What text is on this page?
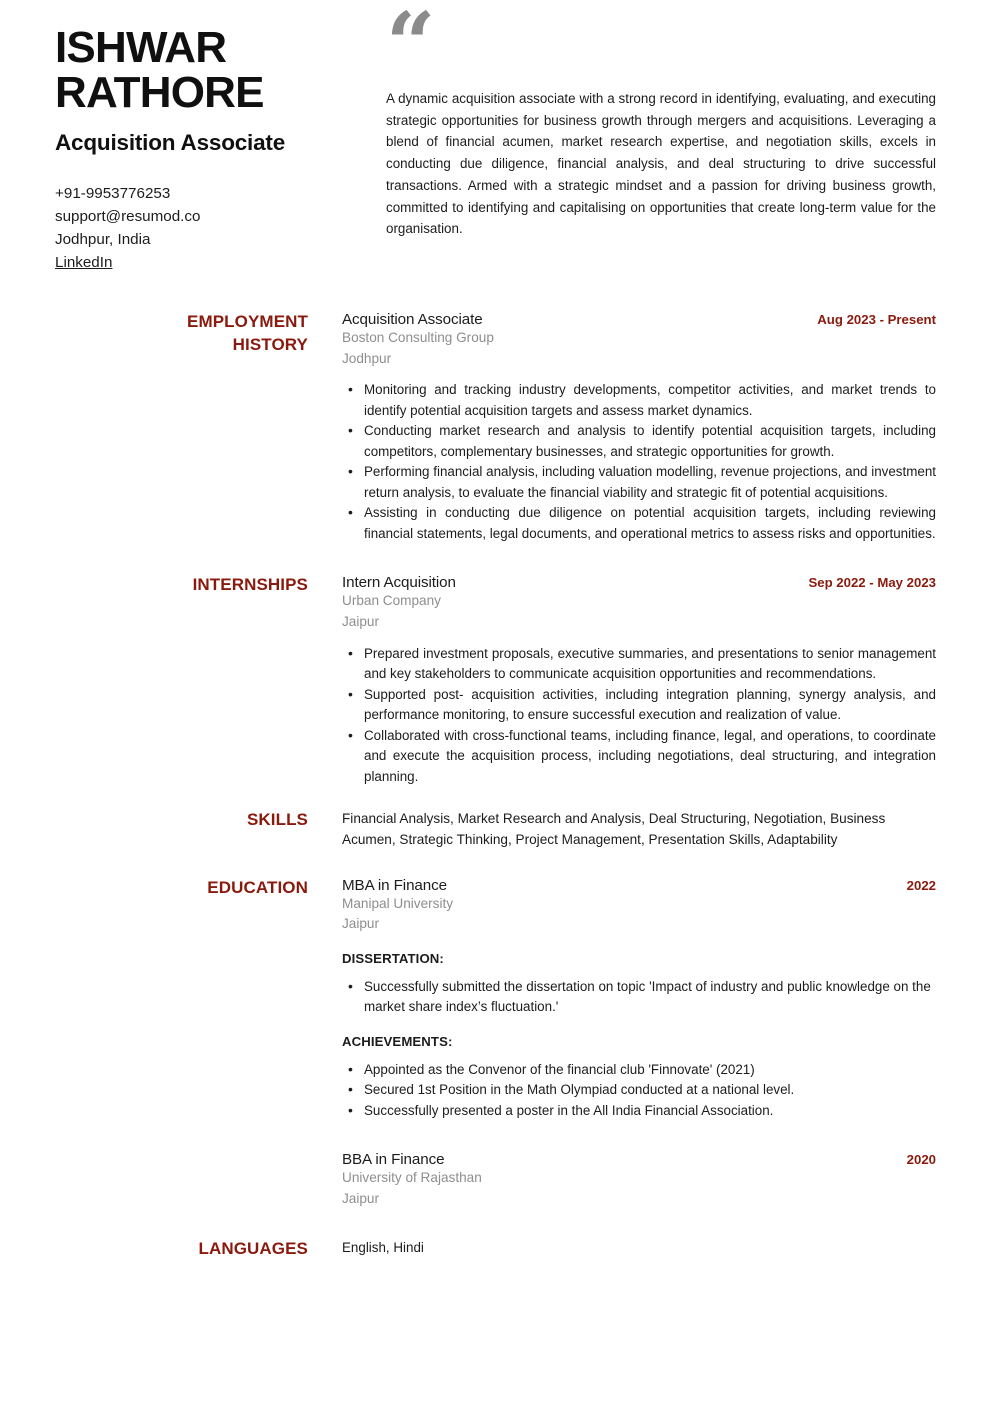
ISHWAR
RATHORE
Acquisition Associate
+91-9953776253
support@resumod.co
Jodhpur, India
LinkedIn
“

A dynamic acquisition associate with a strong record in identifying, evaluating, and executing strategic opportunities for business growth through mergers and acquisitions. Leveraging a blend of financial acumen, market research expertise, and negotiation skills, excels in conducting due diligence, financial analysis, and deal structuring to drive successful transactions. Armed with a strategic mindset and a passion for driving business growth, committed to identifying and capitalising on opportunities that create long-term value for the organisation.

EMPLOYMENT
HISTORY
Acquisition Associate	Aug 2023 - Present
Boston Consulting Group
Jodhpur
• Monitoring and tracking industry developments, competitor activities, and market trends to identify potential acquisition targets and assess market dynamics.
• Conducting market research and analysis to identify potential acquisition targets, including competitors, complementary businesses, and strategic opportunities for growth.
• Performing financial analysis, including valuation modelling, revenue projections, and investment return analysis, to evaluate the financial viability and strategic fit of potential acquisitions.
• Assisting in conducting due diligence on potential acquisition targets, including reviewing financial statements, legal documents, and operational metrics to assess risks and opportunities.
INTERNSHIPS Intern Acquisition	Sep 2022 - May 2023
Urban Company
Jaipur
• Prepared investment proposals, executive summaries, and presentations to senior management and key stakeholders to communicate acquisition opportunities and recommendations.
• Supported post- acquisition activities, including integration planning, synergy analysis, and performance monitoring, to ensure successful execution and realization of value.
• Collaborated with cross-functional teams, including finance, legal, and operations, to coordinate and execute the acquisition process, including negotiations, deal structuring, and integration planning.
SKILLS	Financial Analysis, Market Research and Analysis, Deal Structuring, Negotiation, Business Acumen, Strategic Thinking, Project Management, Presentation Skills, Adaptability
EDUCATION MBA in Finance	2022
Manipal University
Jaipur
DISSERTATION:
• Successfully submitted the dissertation on topic 'Impact of industry and public knowledge on the market share index’s fluctuation.'
ACHIEVEMENTS:
• Appointed as the Convenor of the financial club 'Finnovate' (2021)
• Secured 1st Position in the Math Olympiad conducted at a national level.
• Successfully presented a poster in the All India Financial Association.
BBA in Finance	2020
University of Rajasthan
Jaipur
LANGUAGES	English, Hindi
